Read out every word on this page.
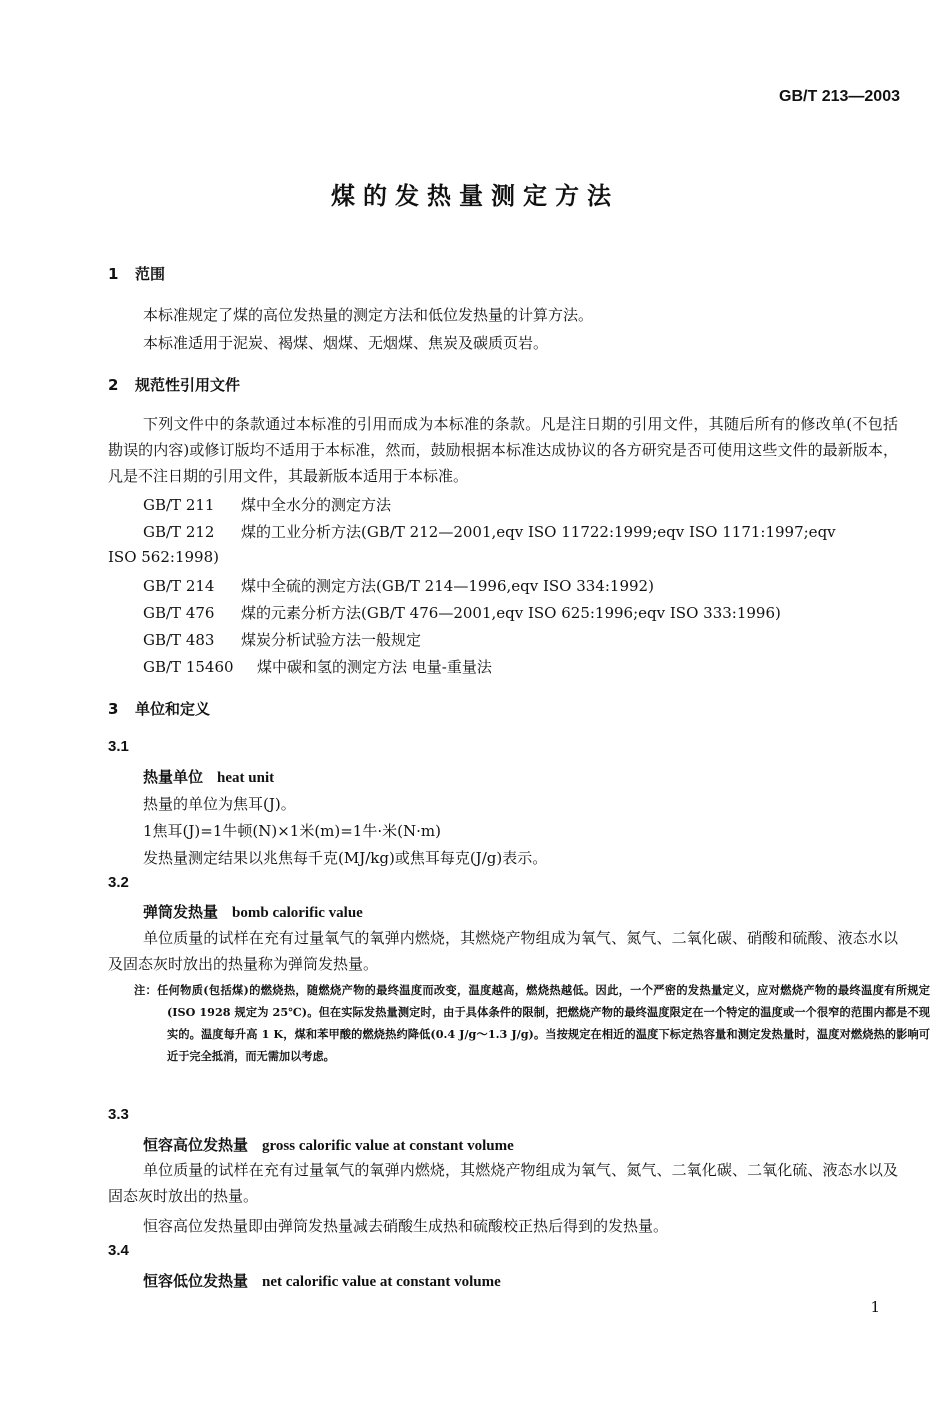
GB/T 213—2003
煤的发热量测定方法
1 范围
本标准规定了煤的高位发热量的测定方法和低位发热量的计算方法。
本标准适用于泥炭、褐煤、烟煤、无烟煤、焦炭及碳质页岩。
2 规范性引用文件
下列文件中的条款通过本标准的引用而成为本标准的条款。凡是注日期的引用文件，其随后所有的修改单(不包括勘误的内容)或修订版均不适用于本标准，然而，鼓励根据本标准达成协议的各方研究是否可使用这些文件的最新版本，凡是不注日期的引用文件，其最新版本适用于本标准。
GB/T 211 煤中全水分的测定方法
GB/T 212 煤的工业分析方法(GB/T 212—2001,eqv ISO 11722:1999;eqv ISO 1171:1997;eqv
ISO 562:1998)
GB/T 214 煤中全硫的测定方法(GB/T 214—1996,eqv ISO 334:1992)
GB/T 476 煤的元素分析方法(GB/T 476—2001,eqv ISO 625:1996;eqv ISO 333:1996)
GB/T 483 煤炭分析试验方法一般规定
GB/T 15460 煤中碳和氢的测定方法 电量-重量法
3 单位和定义
3.1
热量单位 heat unit
热量的单位为焦耳(J)。
1焦耳(J)=1牛顿(N)×1米(m)=1牛·米(N·m)
发热量测定结果以兆焦每千克(MJ/kg)或焦耳每克(J/g)表示。
3.2
弹筒发热量 bomb calorific value
单位质量的试样在充有过量氧气的氧弹内燃烧，其燃烧产物组成为氧气、氮气、二氧化碳、硝酸和硫酸、液态水以及固态灰时放出的热量称为弹筒发热量。
注：任何物质(包括煤)的燃烧热，随燃烧产物的最终温度而改变，温度越高，燃烧热越低。因此，一个严密的发热量定义，应对燃烧产物的最终温度有所规定(ISO 1928 规定为 25℃)。但在实际发热量测定时，由于具体条件的限制，把燃烧产物的最终温度限定在一个特定的温度或一个很窄的范围内都是不现实的。温度每升高 1 K，煤和苯甲酸的燃烧热约降低(0.4 J/g～1.3 J/g)。当按规定在相近的温度下标定热容量和测定发热量时，温度对燃烧热的影响可近于完全抵消，而无需加以考虑。
3.3
恒容高位发热量 gross calorific value at constant volume
单位质量的试样在充有过量氧气的氧弹内燃烧，其燃烧产物组成为氧气、氮气、二氧化碳、二氧化硫、液态水以及固态灰时放出的热量。
恒容高位发热量即由弹筒发热量减去硝酸生成热和硫酸校正热后得到的发热量。
3.4
恒容低位发热量 net calorific value at constant volume
1
